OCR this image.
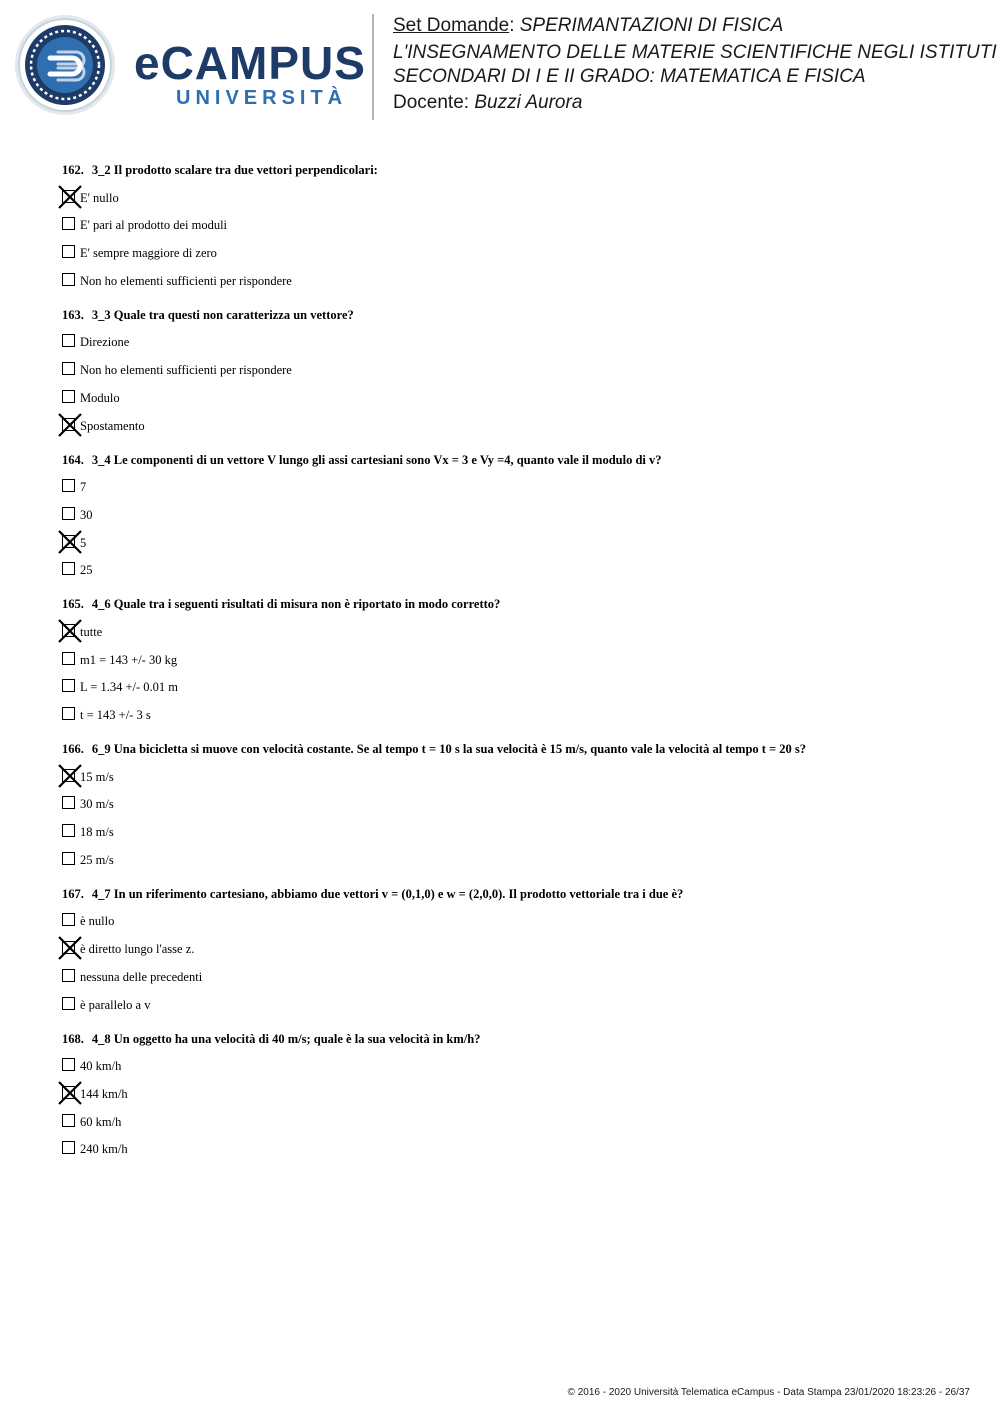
eCAMPUS
UNIVERSITÀ
Set Domande: SPERIMANTAZIONI DI FISICA
L'INSEGNAMENTO DELLE MATERIE SCIENTIFICHE NEGLI ISTITUTI
SECONDARI DI I E II GRADO: MATEMATICA E FISICA
Docente: Buzzi Aurora
162. 3_2 Il prodotto scalare tra due vettori perpendicolari:
E' nullo
E' pari al prodotto dei moduli
E' sempre maggiore di zero
Non ho elementi sufficienti per rispondere
163. 3_3 Quale tra questi non caratterizza un vettore?
Direzione
Non ho elementi sufficienti per rispondere
Modulo
Spostamento
164. 3_4 Le componenti di un vettore V lungo gli assi cartesiani sono Vx = 3 e Vy =4, quanto vale il modulo di v?
7
30
5
25
165. 4_6 Quale tra i seguenti risultati di misura non è riportato in modo corretto?
tutte
m1 = 143 +/- 30 kg
L = 1.34 +/- 0.01 m
t = 143 +/- 3 s
166. 6_9 Una bicicletta si muove con velocità costante. Se al tempo t = 10 s la sua velocità è 15 m/s, quanto vale la velocità al tempo t = 20 s?
15 m/s
30 m/s
18 m/s
25 m/s
167. 4_7 In un riferimento cartesiano, abbiamo due vettori v = (0,1,0) e w = (2,0,0). Il prodotto vettoriale tra i due è?
è nullo
è diretto lungo l'asse z.
nessuna delle precedenti
è parallelo a v
168. 4_8 Un oggetto ha una velocità di 40 m/s; quale è la sua velocità in km/h?
40 km/h
144 km/h
60 km/h
240 km/h
© 2016 - 2020 Università Telematica eCampus - Data Stampa 23/01/2020 18:23:26 - 26/37
